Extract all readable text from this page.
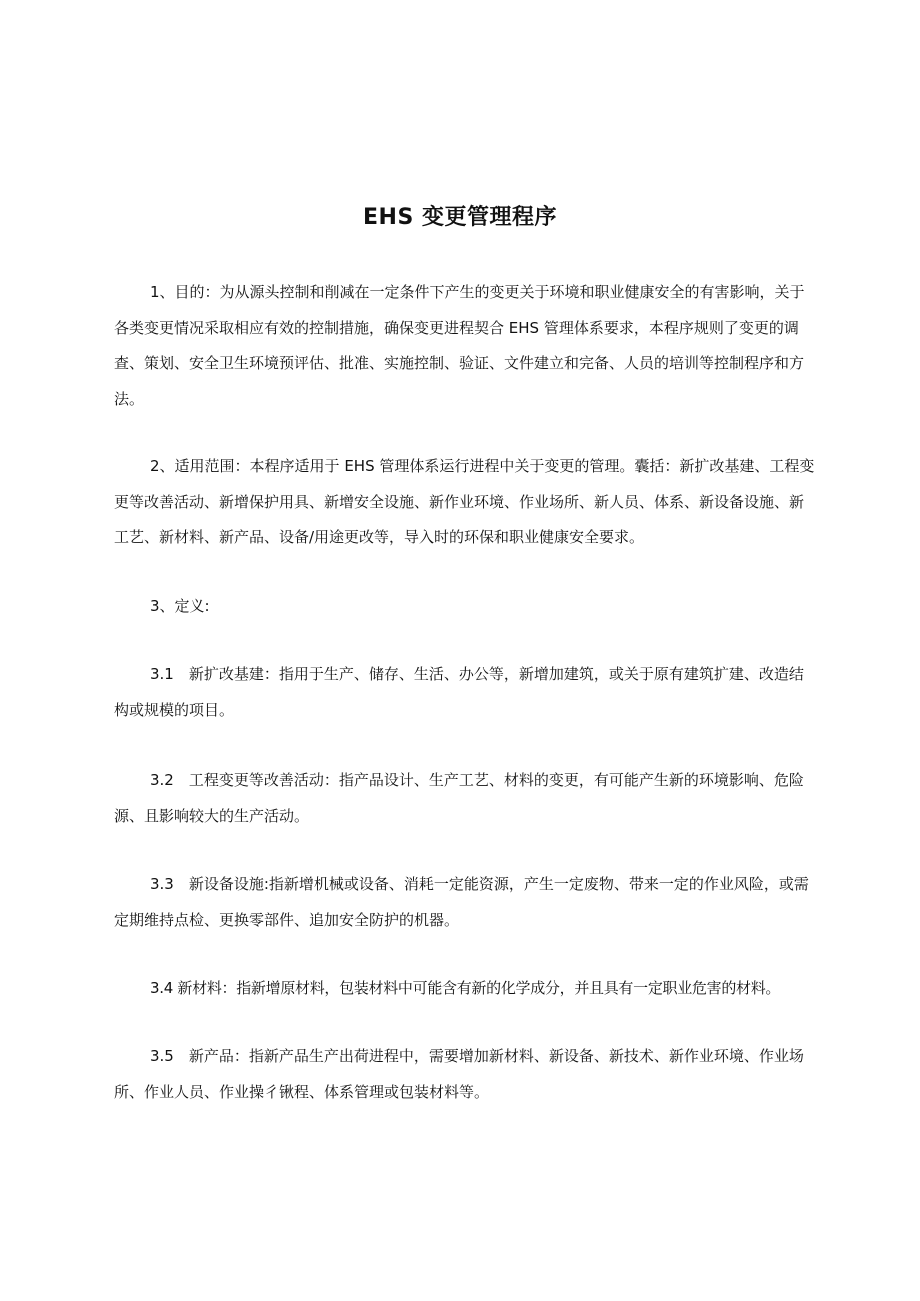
EHS 变更管理程序

1、目的：为从源头控制和削减在一定条件下产生的变更关于环境和职业健康安全的有害影响，关于各类变更情况采取相应有效的控制措施，确保变更进程契合 EHS 管理体系要求，本程序规则了变更的调查、策划、安全卫生环境预评估、批准、实施控制、验证、文件建立和完备、人员的培训等控制程序和方法。

2、适用范围：本程序适用于 EHS 管理体系运行进程中关于变更的管理。囊括：新扩改基建、工程变更等改善活动、新增保护用具、新增安全设施、新作业环境、作业场所、新人员、体系、新设备设施、新工艺、新材料、新产品、设备/用途更改等，导入时的环保和职业健康安全要求。

3、定义:

3.1　新扩改基建：指用于生产、储存、生活、办公等，新增加建筑，或关于原有建筑扩建、改造结构或规模的项目。

3.2　工程变更等改善活动：指产品设计、生产工艺、材料的变更，有可能产生新的环境影响、危险源、且影响较大的生产活动。

3.3　新设备设施:指新增机械或设备、消耗一定能资源，产生一定废物、带来一定的作业风险，或需定期维持点检、更换零部件、追加安全防护的机器。

3.4 新材料：指新增原材料，包装材料中可能含有新的化学成分，并且具有一定职业危害的材料。

3.5　新产品：指新产品生产出荷进程中，需要增加新材料、新设备、新技术、新作业环境、作业场所、作业人员、作业操彳锹程、体系管理或包装材料等。
